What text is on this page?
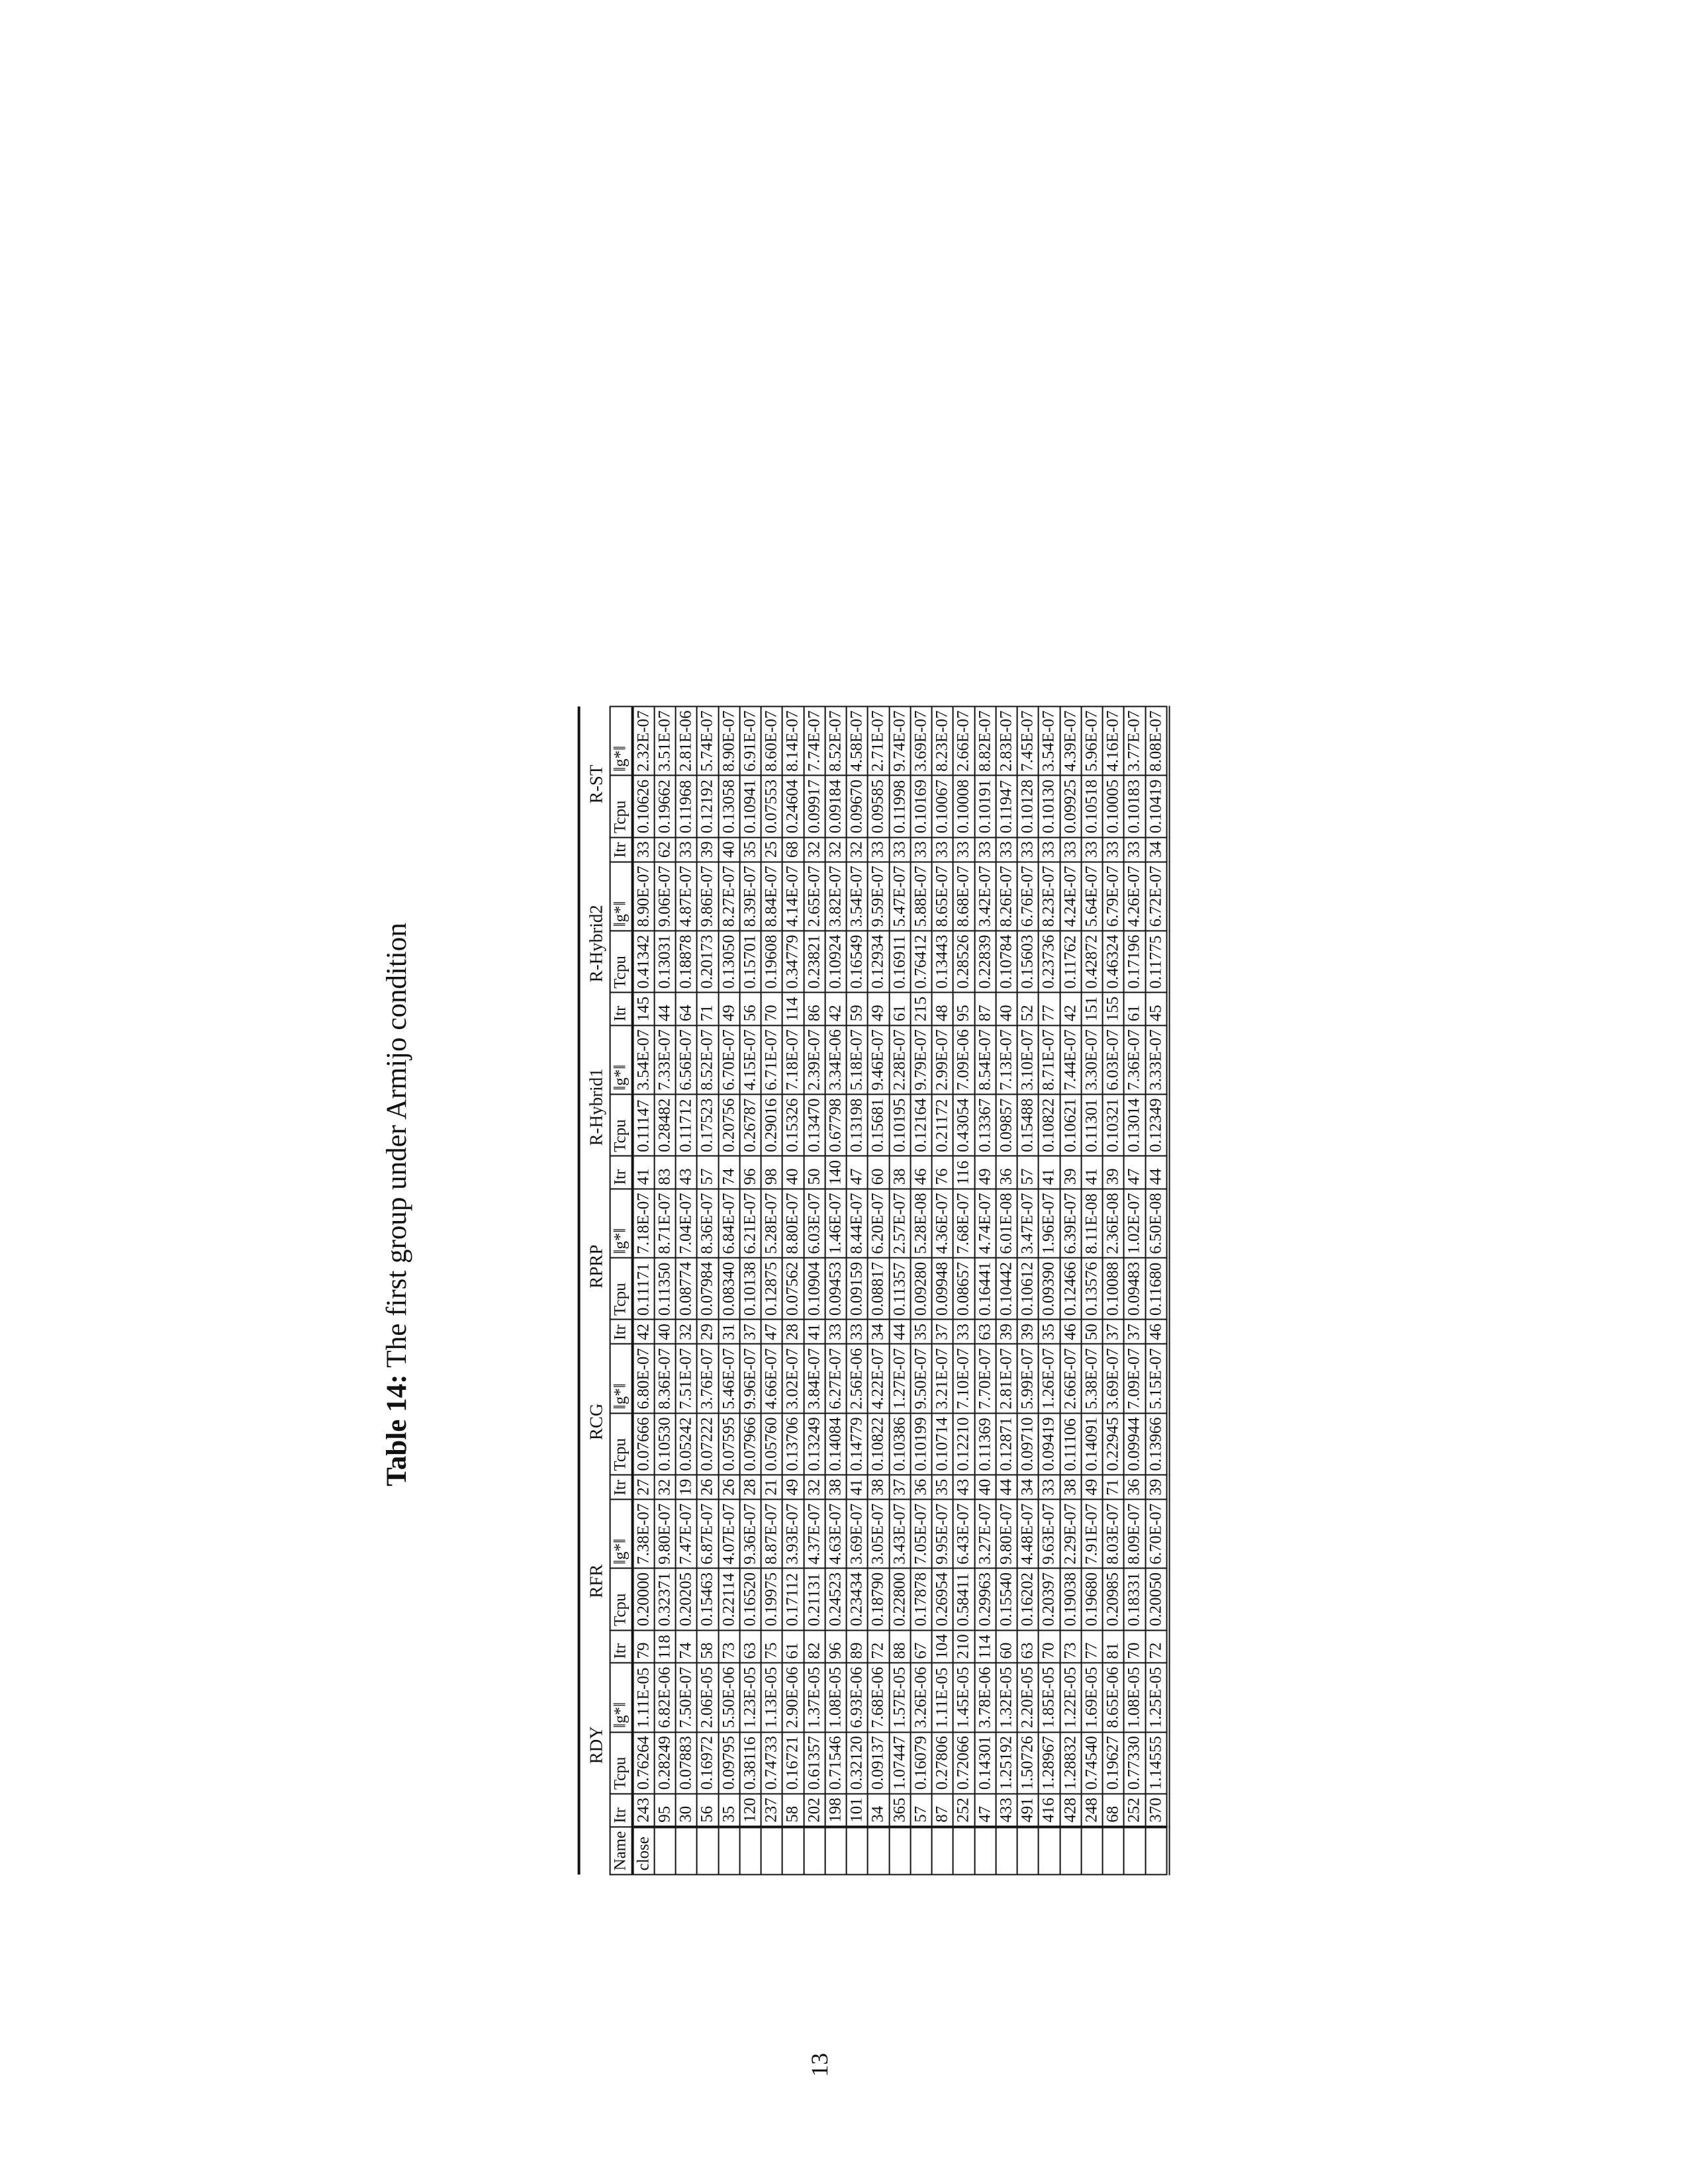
Table 14: The first group under Armijo condition
	RDY			RFR			RCG			RPRP			R-Hybrid1			R-Hybrid2			R-ST		
Name	Itr	Tcpu	‖g*‖	Itr	Tcpu	‖g*‖	Itr	Tcpu	‖g*‖	Itr	Tcpu	‖g*‖	Itr	Tcpu	‖g*‖	Itr	Tcpu	‖g*‖	Itr	Tcpu	‖g*‖
close	243	0.76264	1.11E-05	79	0.20000	7.38E-07	27	0.07666	6.80E-07	42	0.11171	7.18E-07	41	0.11147	3.54E-07	145	0.41342	8.90E-07	33	0.10626	2.32E-07
	95	0.28249	6.82E-06	118	0.32371	9.80E-07	32	0.10530	8.36E-07	40	0.11350	8.71E-07	83	0.28482	7.33E-07	44	0.13031	9.06E-07	62	0.19662	3.51E-07
	30	0.07883	7.50E-07	74	0.20205	7.47E-07	19	0.05242	7.51E-07	32	0.08774	7.04E-07	43	0.11712	6.56E-07	64	0.18878	4.87E-07	33	0.11968	2.81E-06
	56	0.16972	2.06E-05	58	0.15463	6.87E-07	26	0.07222	3.76E-07	29	0.07984	8.36E-07	57	0.17523	8.52E-07	71	0.20173	9.86E-07	39	0.12192	5.74E-07
	35	0.09795	5.50E-06	73	0.22114	4.07E-07	26	0.07595	5.46E-07	31	0.08340	6.84E-07	74	0.20756	6.70E-07	49	0.13050	8.27E-07	40	0.13058	8.90E-07
	120	0.38116	1.23E-05	63	0.16520	9.36E-07	28	0.07966	9.96E-07	37	0.10138	6.21E-07	96	0.26787	4.15E-07	56	0.15701	8.39E-07	35	0.10941	6.91E-07
	237	0.74733	1.13E-05	75	0.19975	8.87E-07	21	0.05760	4.66E-07	47	0.12875	5.28E-07	98	0.29016	6.71E-07	70	0.19608	8.84E-07	25	0.07553	8.60E-07
	58	0.16721	2.90E-06	61	0.17112	3.93E-07	49	0.13706	3.02E-07	28	0.07562	8.80E-07	40	0.15326	7.18E-07	114	0.34779	4.14E-07	68	0.24604	8.14E-07
	202	0.61357	1.37E-05	82	0.21131	4.37E-07	32	0.13249	3.84E-07	41	0.10904	6.03E-07	50	0.13470	2.39E-07	86	0.23821	2.65E-07	32	0.09917	7.74E-07
	198	0.71546	1.08E-05	96	0.24523	4.63E-07	38	0.14084	6.27E-07	33	0.09453	1.46E-07	140	0.67798	3.34E-06	42	0.10924	3.82E-07	32	0.09184	8.52E-07
	101	0.32120	6.93E-06	89	0.23434	3.69E-07	41	0.14779	2.56E-06	33	0.09159	8.44E-07	47	0.13198	5.18E-07	59	0.16549	3.54E-07	32	0.09670	4.58E-07
	34	0.09137	7.68E-06	72	0.18790	3.05E-07	38	0.10822	4.22E-07	34	0.08817	6.20E-07	60	0.15681	9.46E-07	49	0.12934	9.59E-07	33	0.09585	2.71E-07
	365	1.07447	1.57E-05	88	0.22800	3.43E-07	37	0.10386	1.27E-07	44	0.11357	2.57E-07	38	0.10195	2.28E-07	61	0.16911	5.47E-07	33	0.11998	9.74E-07
	57	0.16079	3.26E-06	67	0.17878	7.05E-07	36	0.10199	9.50E-07	35	0.09280	5.28E-08	46	0.12164	9.79E-07	215	0.76412	5.88E-07	33	0.10169	3.69E-07
	87	0.27806	1.11E-05	104	0.26954	9.95E-07	35	0.10714	3.21E-07	37	0.09948	4.36E-07	76	0.21172	2.99E-07	48	0.13443	8.65E-07	33	0.10067	8.23E-07
	252	0.72066	1.45E-05	210	0.58411	6.43E-07	43	0.12210	7.10E-07	33	0.08657	7.68E-07	116	0.43054	7.09E-06	95	0.28526	8.68E-07	33	0.10008	2.66E-07
	47	0.14301	3.78E-06	114	0.29963	3.27E-07	40	0.11369	7.70E-07	63	0.16441	4.74E-07	49	0.13367	8.54E-07	87	0.22839	3.42E-07	33	0.10191	8.82E-07
	433	1.25192	1.32E-05	60	0.15540	9.80E-07	44	0.12871	2.81E-07	39	0.10442	6.01E-08	36	0.09857	7.13E-07	40	0.10784	8.26E-07	33	0.11947	2.83E-07
	491	1.50726	2.20E-05	63	0.16202	4.48E-07	34	0.09710	5.99E-07	39	0.10612	3.47E-07	57	0.15488	3.10E-07	52	0.15603	6.76E-07	33	0.10128	7.45E-07
	416	1.28967	1.85E-05	70	0.20397	9.63E-07	33	0.09419	1.26E-07	35	0.09390	1.96E-07	41	0.10822	8.71E-07	77	0.23736	8.23E-07	33	0.10130	3.54E-07
	428	1.28832	1.22E-05	73	0.19038	2.29E-07	38	0.11106	2.66E-07	46	0.12466	6.39E-07	39	0.10621	7.44E-07	42	0.11762	4.24E-07	33	0.09925	4.39E-07
	248	0.74540	1.69E-05	77	0.19680	7.91E-07	49	0.14091	5.38E-07	50	0.13576	8.11E-08	41	0.11301	3.30E-07	151	0.42872	5.64E-07	33	0.10518	5.96E-07
	68	0.19627	8.65E-06	81	0.20985	8.03E-07	71	0.22945	3.69E-07	37	0.10088	2.36E-08	39	0.10321	6.03E-07	155	0.46324	6.79E-07	33	0.10005	4.16E-07
	252	0.77330	1.08E-05	70	0.18331	8.09E-07	36	0.09944	7.09E-07	37	0.09483	1.02E-07	47	0.13014	7.36E-07	61	0.17196	4.26E-07	33	0.10183	3.77E-07
	370	1.14555	1.25E-05	72	0.20050	6.70E-07	39	0.13966	5.15E-07	46	0.11680	6.50E-08	44	0.12349	3.33E-07	45	0.11775	6.72E-07	34	0.10419	8.08E-07
13
